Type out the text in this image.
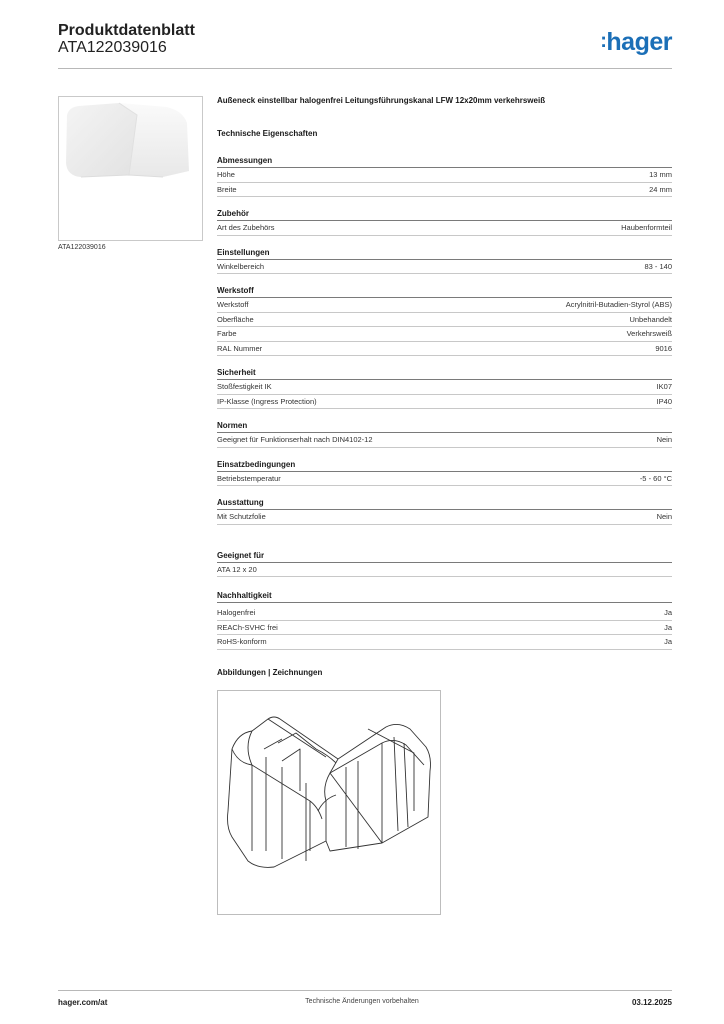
Produktdatenblatt
ATA122039016	:hager
ATA122039016
Außeneck einstellbar halogenfrei Leitungsführungskanal LFW 12x20mm verkehrsweiß
Technische Eigenschaften
Abmessungen
Höhe	13 mm
Breite	24 mm
Zubehör
Art des Zubehörs	Haubenformteil
Einstellungen
Winkelbereich	83 - 140
Werkstoff
Werkstoff	Acrylnitril-Butadien-Styrol (ABS)
Oberfläche	Unbehandelt
Farbe	Verkehrsweiß
RAL Nummer	9016
Sicherheit
Stoßfestigkeit IK	IK07
IP-Klasse (Ingress Protection)	IP40
Normen
Geeignet für Funktionserhalt nach DIN4102-12	Nein
Einsatzbedingungen
Betriebstemperatur	-5 - 60 °C
Ausstattung
Mit Schutzfolie	Nein
Geeignet für
ATA 12 x 20
Nachhaltigkeit
Halogenfrei	Ja
REACh-SVHC frei	Ja
RoHS-konform	Ja
Abbildungen | Zeichnungen
hager.com/at	Technische Änderungen vorbehalten	03.12.2025
